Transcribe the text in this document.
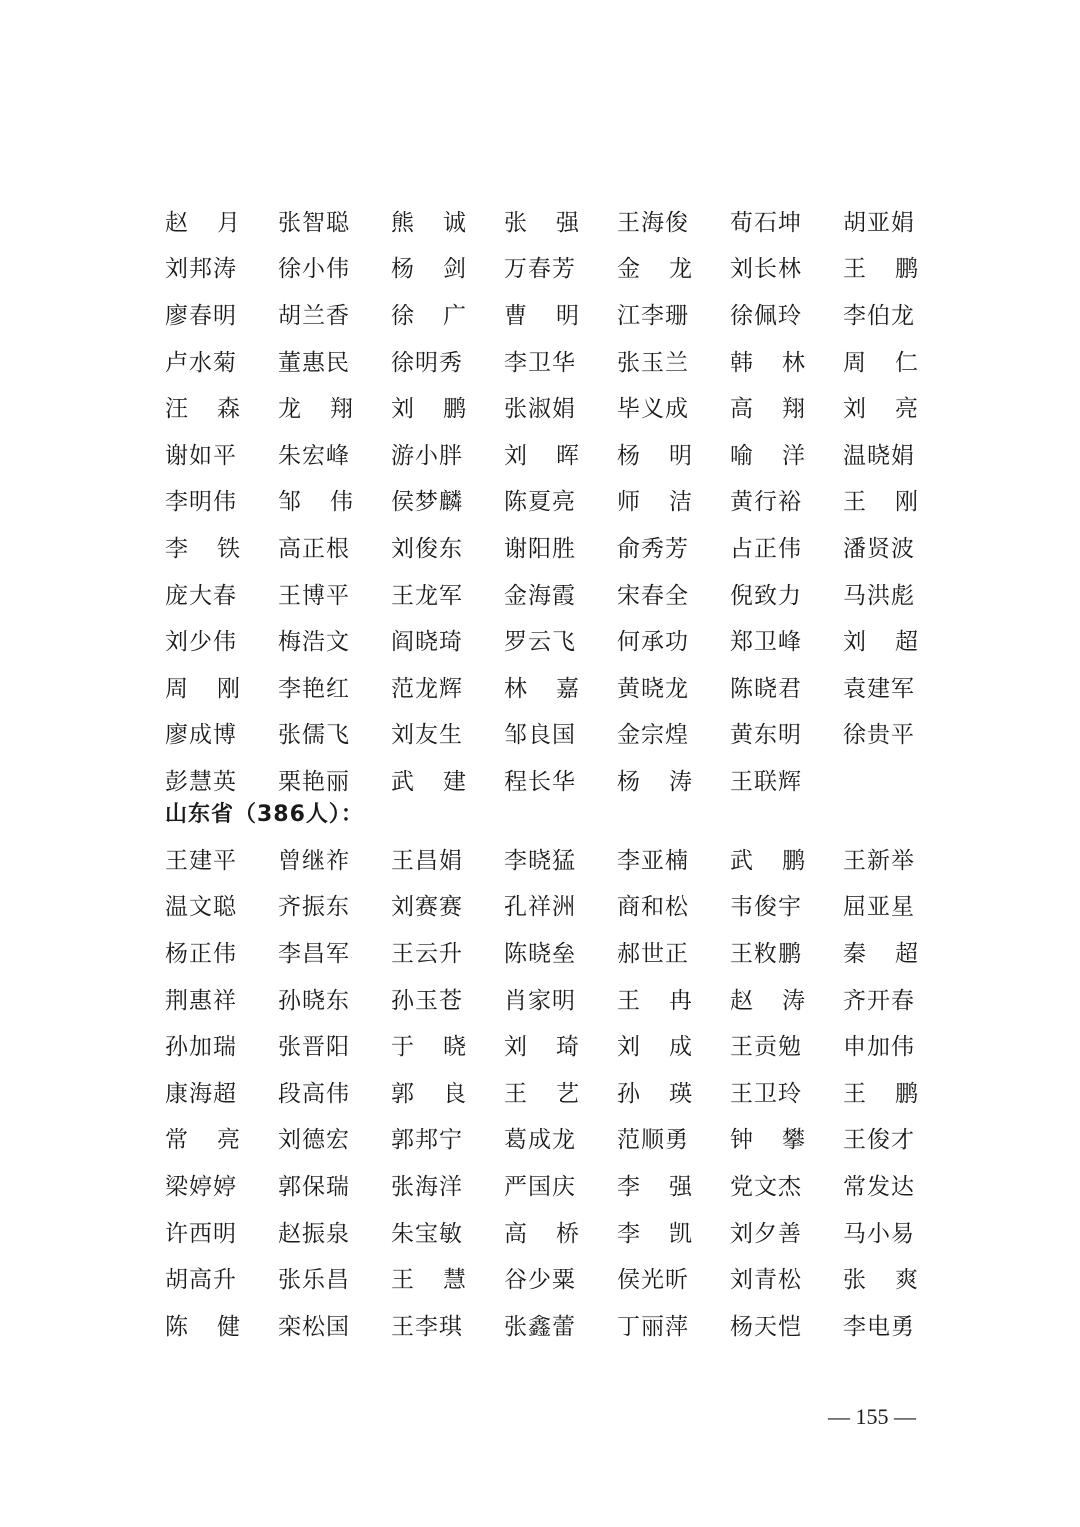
赵 月 张智聪 熊 诚 张 强 王海俊 荀石坤 胡亚娟
刘邦涛 徐小伟 杨 剑 万春芳 金 龙 刘长林 王 鹏
廖春明 胡兰香 徐 广 曹 明 江李珊 徐佩玲 李伯龙
卢水菊 董惠民 徐明秀 李卫华 张玉兰 韩 林 周 仁
汪 森 龙 翔 刘 鹏 张淑娟 毕义成 高 翔 刘 亮
谢如平 朱宏峰 游小胖 刘 晖 杨 明 喻 洋 温晓娟
李明伟 邹 伟 侯梦麟 陈夏亮 师 洁 黄行裕 王 刚
李 铁 高正根 刘俊东 谢阳胜 俞秀芳 占正伟 潘贤波
庞大春 王博平 王龙军 金海霞 宋春全 倪致力 马洪彪
刘少伟 梅浩文 阎晓琦 罗云飞 何承功 郑卫峰 刘 超
周 刚 李艳红 范龙辉 林 嘉 黄晓龙 陈晓君 袁建军
廖成博 张儒飞 刘友生 邹良国 金宗煌 黄东明 徐贵平
彭慧英 栗艳丽 武 建 程长华 杨 涛 王联辉
山东省（386人）：
王建平 曾继祚 王昌娟 李晓猛 李亚楠 武 鹏 王新举
温文聪 齐振东 刘赛赛 孔祥洲 商和松 韦俊宇 屈亚星
杨正伟 李昌军 王云升 陈晓垒 郝世正 王敉鹏 秦 超
荆惠祥 孙晓东 孙玉苍 肖家明 王 冉 赵 涛 齐开春
孙加瑞 张晋阳 于 晓 刘 琦 刘 成 王贡勉 申加伟
康海超 段高伟 郭 良 王 艺 孙 瑛 王卫玲 王 鹏
常 亮 刘德宏 郭邦宁 葛成龙 范顺勇 钟 攀 王俊才
梁婷婷 郭保瑞 张海洋 严国庆 李 强 党文杰 常发达
许西明 赵振泉 朱宝敏 高 桥 李 凯 刘夕善 马小易
胡高升 张乐昌 王 慧 谷少粟 侯光昕 刘青松 张 爽
陈 健 栾松国 王李琪 张鑫蕾 丁丽萍 杨天恺 李电勇
— 155 —
